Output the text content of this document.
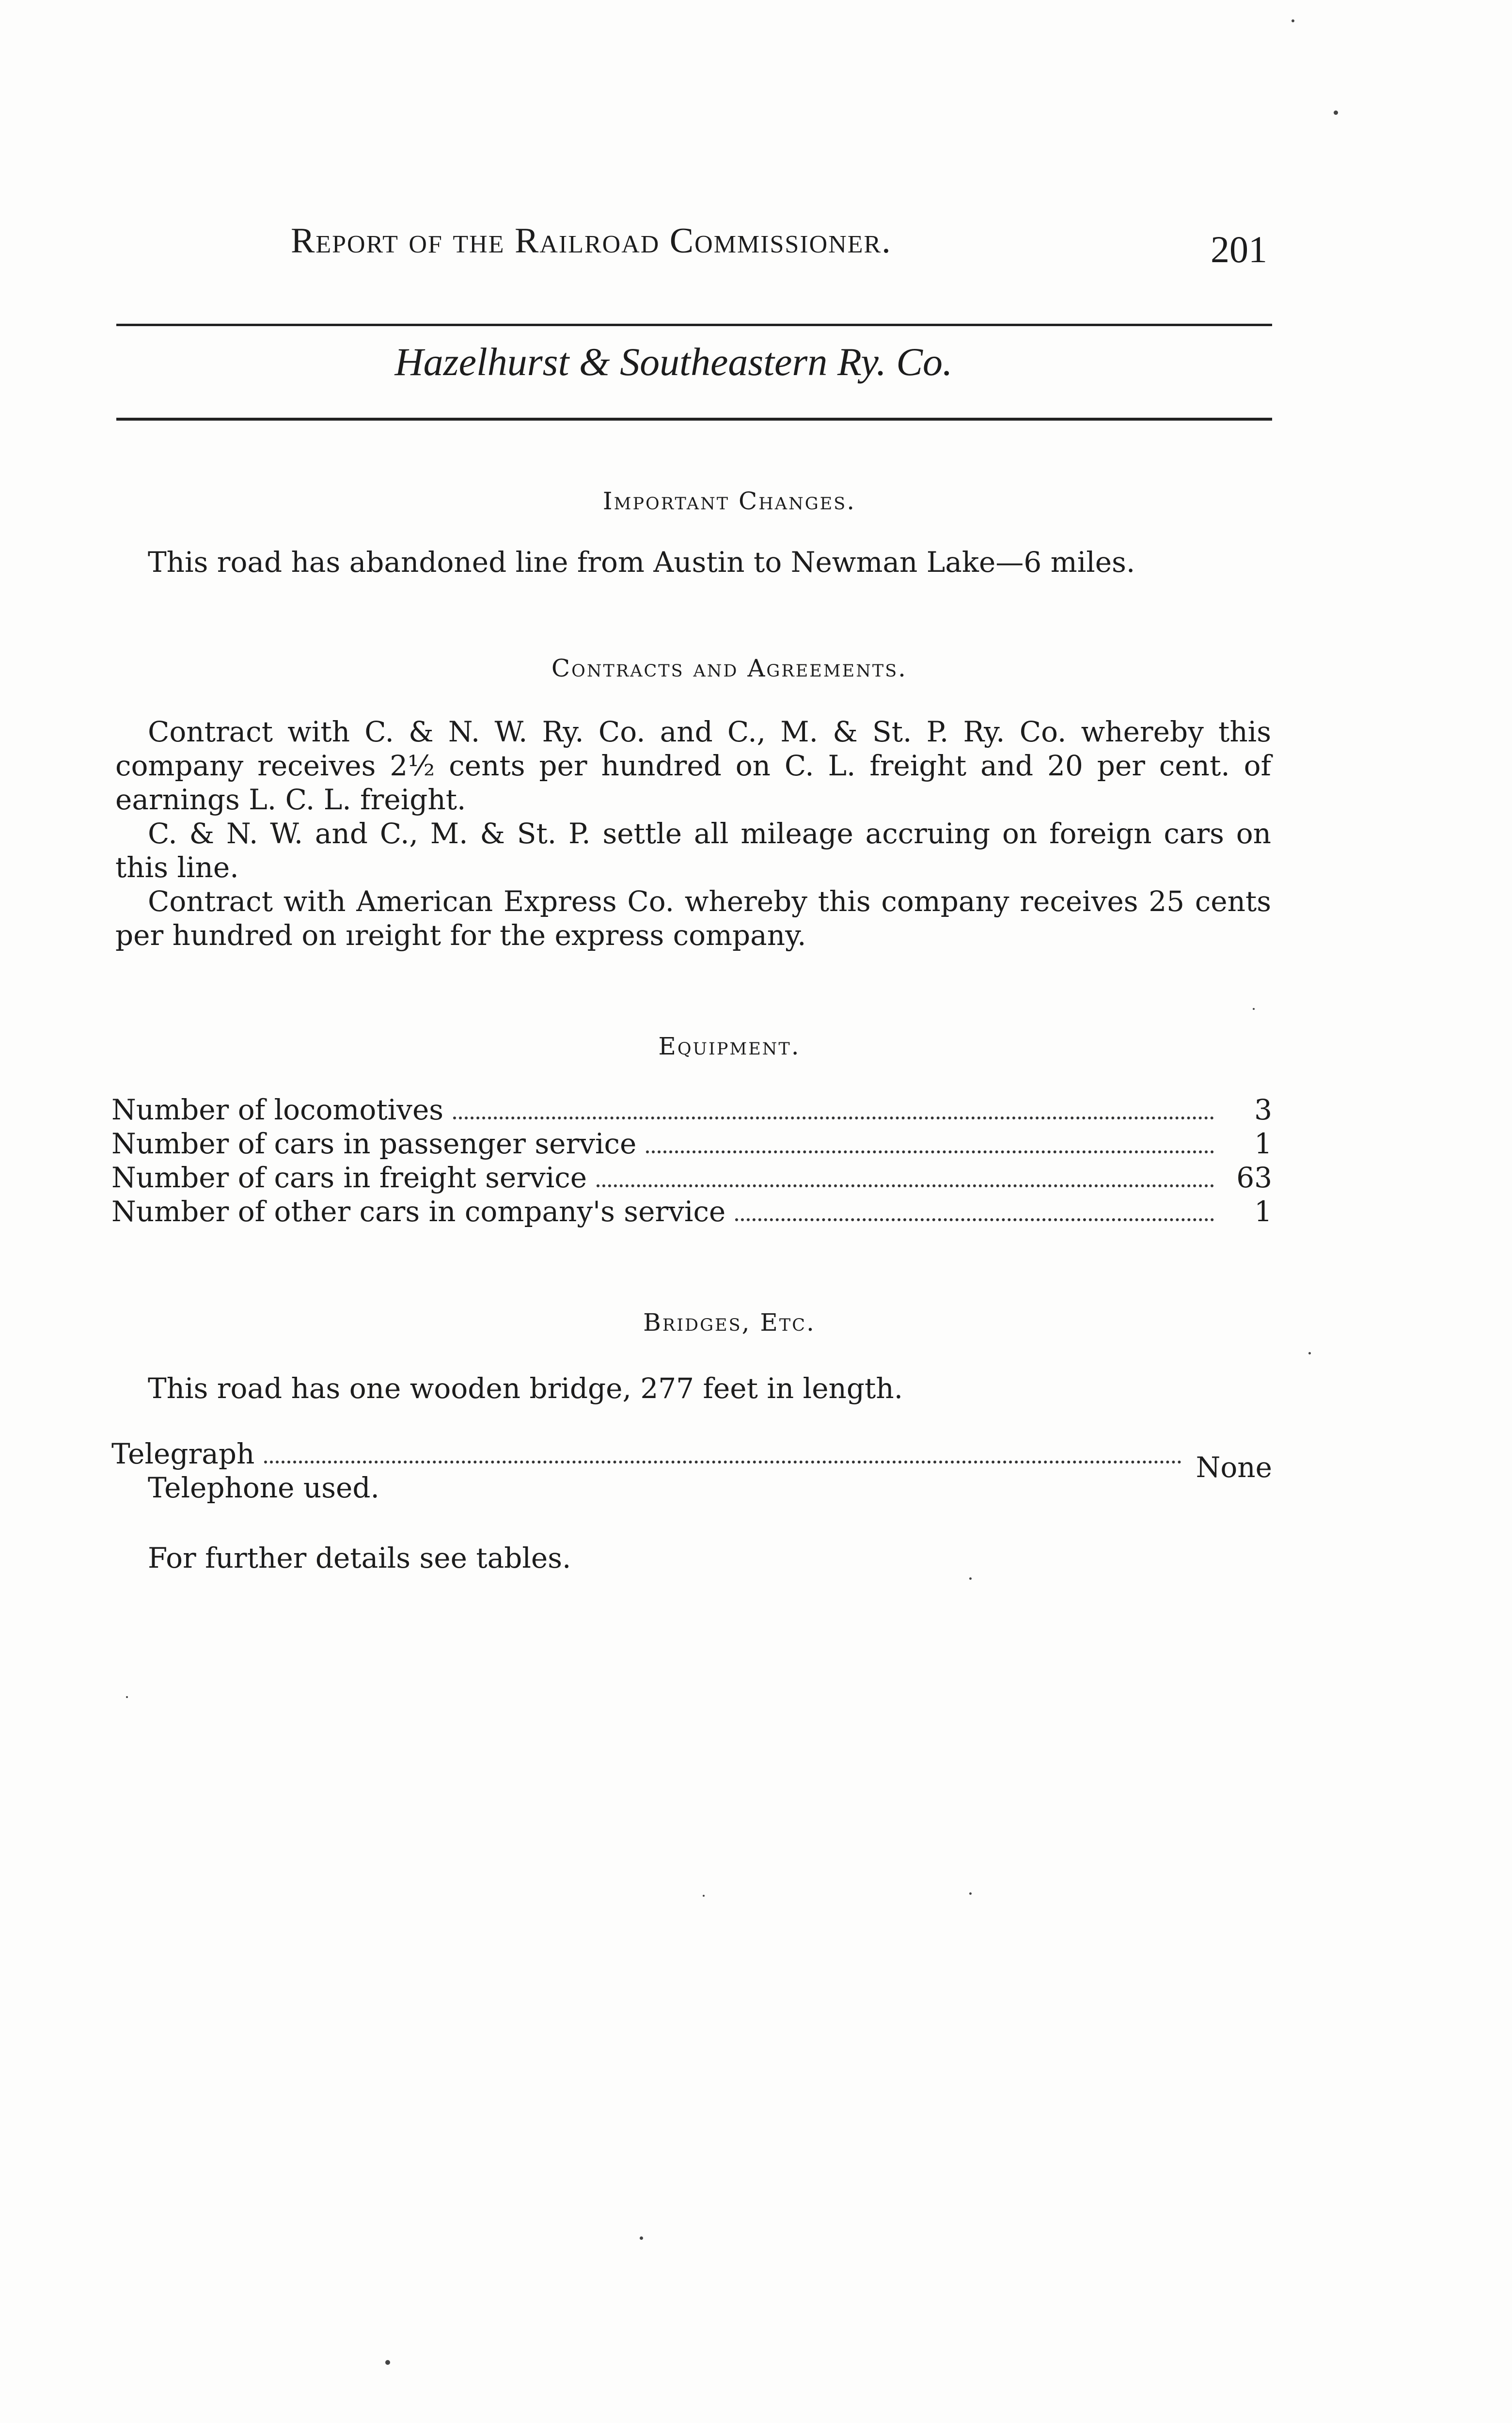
Report of the Railroad Commissioner.	201
Hazelhurst & Southeastern Ry. Co.
Important Changes.
This road has abandoned line from Austin to Newman Lake—6 miles.
Contracts and Agreements.

Contract with C. & N. W. Ry. Co. and C., M. & St. P. Ry. Co. whereby this company receives 2½ cents per hundred on C. L. freight and 20 per cent. of earnings L. C. L. freight.

C. & N. W. and C., M. & St. P. settle all mileage accruing on foreign cars on this line.

Contract with American Express Co. whereby this company receives 25 cents per hundred on ıreight for the express company.

Equipment.
Number of locomotives	3
Number of cars in passenger service	1
Number of cars in freight service	63
Number of other cars in company's service	1
Bridges, Etc.
This road has one wooden bridge, 277 feet in length.
Telegraph	None
Telephone used.
For further details see tables.
